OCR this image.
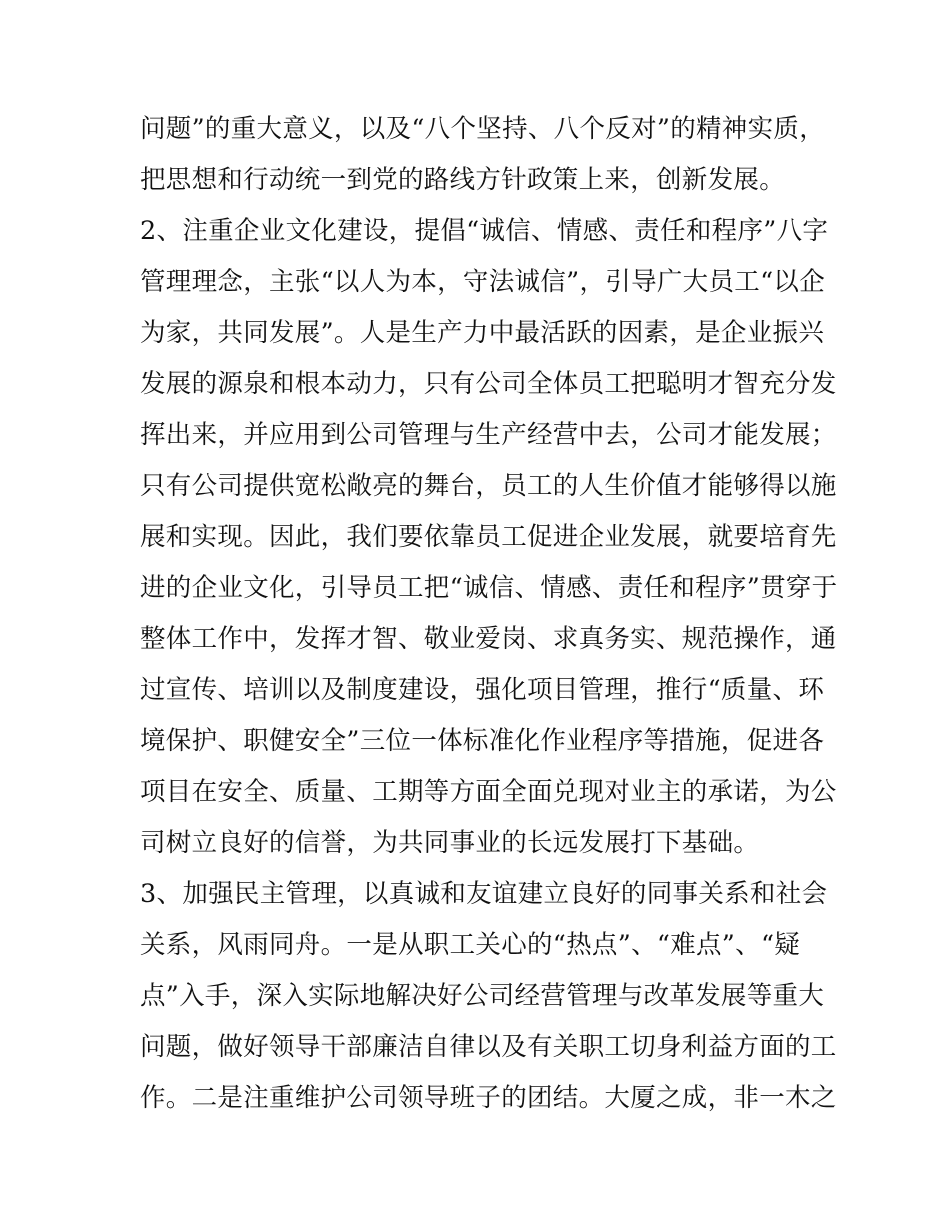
问题”的重大意义，以及“八个坚持、八个反对”的精神实质，
把思想和行动统一到党的路线方针政策上来，创新发展。
2、注重企业文化建设，提倡“诚信、情感、责任和程序”八字
管理理念，主张“以人为本，守法诚信”，引导广大员工“以企
为家，共同发展”。人是生产力中最活跃的因素，是企业振兴
发展的源泉和根本动力，只有公司全体员工把聪明才智充分发
挥出来，并应用到公司管理与生产经营中去，公司才能发展；
只有公司提供宽松敞亮的舞台，员工的人生价值才能够得以施
展和实现。因此，我们要依靠员工促进企业发展，就要培育先
进的企业文化，引导员工把“诚信、情感、责任和程序”贯穿于
整体工作中，发挥才智、敬业爱岗、求真务实、规范操作，通
过宣传、培训以及制度建设，强化项目管理，推行“质量、环
境保护、职健安全”三位一体标准化作业程序等措施，促进各
项目在安全、质量、工期等方面全面兑现对业主的承诺，为公
司树立良好的信誉，为共同事业的长远发展打下基础。
3、加强民主管理，以真诚和友谊建立良好的同事关系和社会
关系，风雨同舟。一是从职工关心的“热点”、“难点”、“疑
点”入手，深入实际地解决好公司经营管理与改革发展等重大
问题，做好领导干部廉洁自律以及有关职工切身利益方面的工
作。二是注重维护公司领导班子的团结。大厦之成，非一木之
